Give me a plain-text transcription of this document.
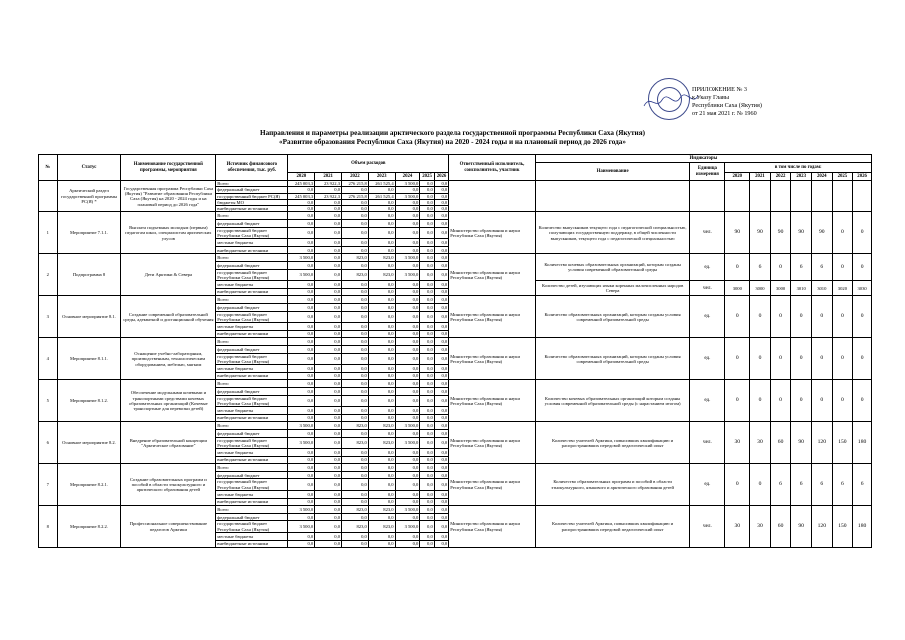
ПРИЛОЖЕНИЕ № 3
к Указу Главы
Республики Саха (Якутия)
от 21 мая 2021 г. № 1960
Направления и параметры реализации арктического раздела государственной программы Республики Саха (Якутия)
«Развитие образования Республики Саха (Якутия) на 2020 - 2024 годы и на плановый период до 2026 года»
№	Статус	Наименование государственной программы, мероприятия	Источник финансового обеспечения, тыс. руб.	Объем расходов							Ответственный исполнитель, соисполнитель, участник	Индикаторы								
												Наименование	Единица измерения	в том числе по годам:						
				2020	2021	2022	2023	2024	2025	2026				2020	2021	2022	2023	2024	2025	2026
	Арктический раздел государственной программы РС(Я) *	Государственная программа Республики Саха (Якутия) "Развитие образования Республики Саха (Якутия) на 2020 - 2024 годы и на плановый период до 2026 года"	Всего	245 003,3	23 922,3	276 215,8	261 525,4	3 500,0	0,0	0,0										
			федеральный бюджет	0,0	0,0	0,0	0,0	0,0	0,0	0,0										
			государственный бюджет РС(Я)	245 003,3	23 922,3	276 215,8	261 525,4	3 500,0	0,0	0,0										
			бюджеты МО	0,0	0,0	0,0	0,0	0,0	0,0	0,0										
			внебюджетные источники	0,0	0,0	0,0	0,0	0,0	0,0	0,0										
1	Мероприятие 7.1.1.	Выплата подъемных молодым (первым) педагогам школ, специалистам арктических улусов	Всего	0,0	0,0	0,0	0,0	0,0	0,0	0,0	Министерство образования и науки Республики Саха (Якутия)	Количество выпускников текущего года с педагогической специальностью, получающих государственную поддержку, в общей численности выпускников, текущего года с педагогической специальностью	чел.	90	90	90	90	90	0	0
			федеральный бюджет	0,0	0,0	0,0	0,0	0,0	0,0	0,0										
			государственный бюджет Республики Саха (Якутия)	0,0	0,0	0,0	0,0	0,0	0,0	0,0										
			местные бюджеты	0,0	0,0	0,0	0,0	0,0	0,0	0,0										
			внебюджетные источники	0,0	0,0	0,0	0,0	0,0	0,0	0,0										
2	Подпрограмма 8	Дети Арктики & Севера	Всего	3 500,0	0,0	823,0	823,0	3 500,0	0,0	0,0	Министерство образования и науки Республики Саха (Якутия)	Количество кочевых образовательных организаций, которым созданы условия современной образовательной среды	ед.	0	6	0	6	6	0	0
			федеральный бюджет	0,0	0,0	0,0	0,0	0,0	0,0	0,0										
			государственный бюджет Республики Саха (Якутия)	3 500,0	0,0	823,0	823,0	3 500,0	0,0	0,0										
			местные бюджеты	0,0	0,0	0,0	0,0	0,0	0,0	0,0		Количество детей, изучающих языки коренных малочисленных народов Севера	чел.	3000	3000	3000	3010	3010	3020	3030
			внебюджетные источники	0,0	0,0	0,0	0,0	0,0	0,0	0,0										
3	Основное мероприятие 8.1.	Создание современной образовательной среды, адекватной и дистанционной обучения	Всего	0,0	0,0	0,0	0,0	0,0	0,0	0,0	Министерство образования и науки Республики Саха (Якутия)	Количество образовательных организаций, которым созданы условия современной образовательной среды	ед.	0	0	0	0	0	0	0
			федеральный бюджет	0,0	0,0	0,0	0,0	0,0	0,0	0,0										
			государственный бюджет Республики Саха (Якутия)	0,0	0,0	0,0	0,0	0,0	0,0	0,0										
			местные бюджеты	0,0	0,0	0,0	0,0	0,0	0,0	0,0										
			внебюджетные источники	0,0	0,0	0,0	0,0	0,0	0,0	0,0										
4	Мероприятие 8.1.1.	Оснащение учебно-лабораторным, производственным, технологическим оборудованием, мебелью, мягким	Всего	0,0	0,0	0,0	0,0	0,0	0,0	0,0	Министерство образования и науки Республики Саха (Якутия)	Количество образовательных организаций, которым созданы условия современной образовательной среды	ед.	0	0	0	0	0	0	0
			федеральный бюджет	0,0	0,0	0,0	0,0	0,0	0,0	0,0										
			государственный бюджет Республики Саха (Якутия)	0,0	0,0	0,0	0,0	0,0	0,0	0,0										
			местные бюджеты	0,0	0,0	0,0	0,0	0,0	0,0	0,0										
			внебюджетные источники	0,0	0,0	0,0	0,0	0,0	0,0	0,0										
5	Мероприятие 8.1.2.	Обеспечение модульными кочевыми и транспортными средствами кочевых образовательных организаций (Кочевые транспортные для перевозки детей)	Всего	0,0	0,0	0,0	0,0	0,0	0,0	0,0	Министерство образования и науки Республики Саха (Якутия)	Количество кочевых образовательных организаций которым созданы условия современной образовательной среды (с нарастанием итогом)	ед.	0	0	0	0	0	0	0
			федеральный бюджет	0,0	0,0	0,0	0,0	0,0	0,0	0,0										
			государственный бюджет Республики Саха (Якутия)	0,0	0,0	0,0	0,0	0,0	0,0	0,0										
			местные бюджеты	0,0	0,0	0,0	0,0	0,0	0,0	0,0										
			внебюджетные источники	0,0	0,0	0,0	0,0	0,0	0,0	0,0										
6	Основное мероприятие 8.2.	Внедрение образовательной концепции "Арктическое образование"	Всего	3 500,0	0,0	823,0	823,0	3 500,0	0,0	0,0	Министерство образования и науки Республики Саха (Якутия)	Количество учителей Арктики, повысивших квалификацию и распространивших передовой педагогический опыт	чел.	30	30	60	90	120	150	180
			федеральный бюджет	0,0	0,0	0,0	0,0	0,0	0,0	0,0										
			государственный бюджет Республики Саха (Якутия)	3 500,0	0,0	823,0	823,0	3 500,0	0,0	0,0										
			местные бюджеты	0,0	0,0	0,0	0,0	0,0	0,0	0,0										
			внебюджетные источники	0,0	0,0	0,0	0,0	0,0	0,0	0,0										
7	Мероприятие 8.2.1.	Создание образовательных программ и пособий в области этнокультурного и арктического образования детей	Всего	0,0	0,0	0,0	0,0	0,0	0,0	0,0	Министерство образования и науки Республики Саха (Якутия)	Количество образовательных программ и пособий в области этнокультурного, языкового и арктического образования детей	ед.	0	0	6	6	6	6	6
			федеральный бюджет	0,0	0,0	0,0	0,0	0,0	0,0	0,0										
			государственный бюджет Республики Саха (Якутия)	0,0	0,0	0,0	0,0	0,0	0,0	0,0										
			местные бюджеты	0,0	0,0	0,0	0,0	0,0	0,0	0,0										
			внебюджетные источники	0,0	0,0	0,0	0,0	0,0	0,0	0,0										
8	Мероприятие 8.2.2.	Профессиональное совершенствование педагогов Арктики	Всего	3 500,0	0,0	823,0	823,0	3 500,0	0,0	0,0	Министерство образования и науки Республики Саха (Якутия)	Количество учителей Арктики, повысивших квалификацию и распространивших передовой педагогический опыт	чел.	30	30	60	90	120	150	180
			федеральный бюджет	0,0	0,0	0,0	0,0	0,0	0,0	0,0										
			государственный бюджет Республики Саха (Якутия)	3 500,0	0,0	823,0	823,0	3 500,0	0,0	0,0										
			местные бюджеты	0,0	0,0	0,0	0,0	0,0	0,0	0,0										
			внебюджетные источники	0,0	0,0	0,0	0,0	0,0	0,0	0,0										
